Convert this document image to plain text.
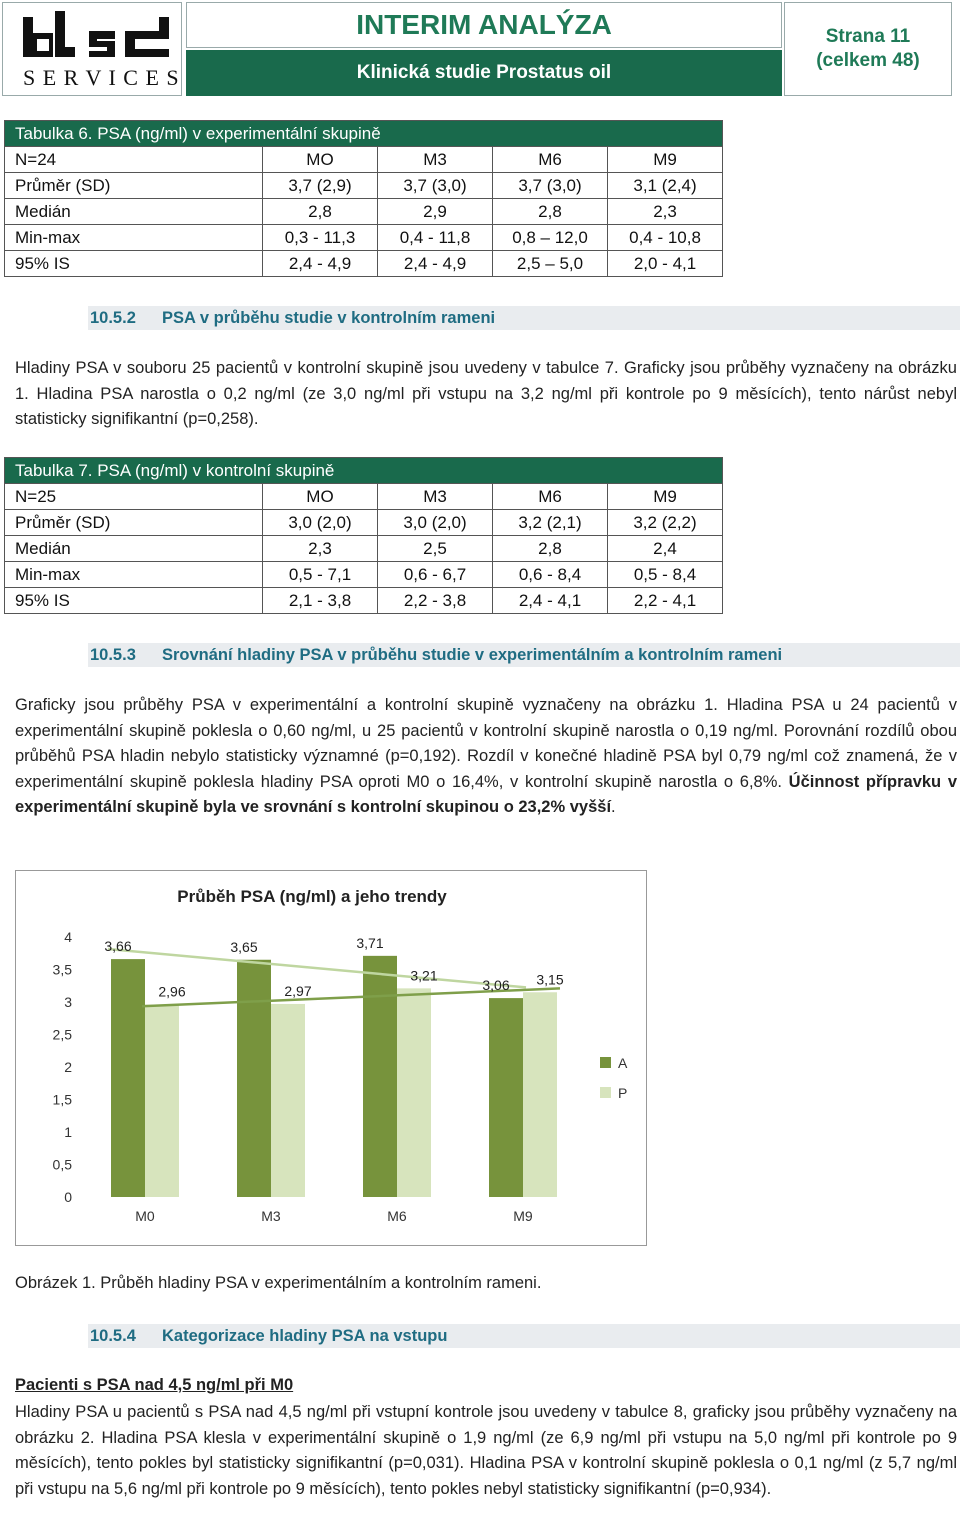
S E R V I C E S
INTERIM ANALÝZA
Klinická studie Prostatus oil
Strana 11
(celkem 48)
Tabulka 6. PSA (ng/ml) v experimentální skupině				
N=24	MO	M3	M6	M9
Průměr (SD)	3,7 (2,9)	3,7 (3,0)	3,7 (3,0)	3,1 (2,4)
Medián	2,8	2,9	2,8	2,3
Min-max	0,3 - 11,3	0,4 - 11,8	0,8 – 12,0	0,4 - 10,8
95% IS	2,4 - 4,9	2,4 - 4,9	2,5 – 5,0	2,0 - 4,1
10.5.2	PSA v průběhu studie v kontrolním rameni
Hladiny PSA v souboru 25 pacientů v kontrolní skupině jsou uvedeny v tabulce 7. Graficky jsou průběhy vyznačeny na obrázku 1. Hladina PSA narostla o 0,2 ng/ml (ze 3,0 ng/ml při vstupu na 3,2 ng/ml při kontrole po 9 měsících), tento nárůst nebyl statisticky signifikantní (p=0,258).
Tabulka 7. PSA (ng/ml) v kontrolní skupině				
N=25	MO	M3	M6	M9
Průměr (SD)	3,0 (2,0)	3,0 (2,0)	3,2 (2,1)	3,2 (2,2)
Medián	2,3	2,5	2,8	2,4
Min-max	0,5 - 7,1	0,6 - 6,7	0,6 - 8,4	0,5 - 8,4
95% IS	2,1 - 3,8	2,2 - 3,8	2,4 - 4,1	2,2 - 4,1
10.5.3	Srovnání hladiny PSA v průběhu studie v experimentálním a kontrolním rameni
Graficky jsou průběhy PSA v experimentální a kontrolní skupině vyznačeny na obrázku 1. Hladina PSA u 24 pacientů v experimentální skupině poklesla o 0,60 ng/ml, u 25 pacientů v kontrolní skupině narostla o 0,19 ng/ml. Porovnání rozdílů obou průběhů PSA hladin nebylo statisticky významné (p=0,192). Rozdíl v konečné hladině PSA byl 0,79 ng/ml což znamená, že v experimentální skupině poklesla hladiny PSA oproti M0 o 16,4%, v kontrolní skupině narostla o 6,8%. Účinnost přípravku v experimentální skupině byla ve srovnání s kontrolní skupinou o 23,2% vyšší.
Průběh PSA (ng/ml) a jeho trendy
0
0,5
1
1,5
2
2,5
3
3,5
4
3,66
2,96
3,65
2,97
3,71
3,21
3,06 3,15
M0	M3	M6	M9
A
P
Obrázek 1. Průběh hladiny PSA v experimentálním a kontrolním rameni.
10.5.4	Kategorizace hladiny PSA na vstupu
Pacienti s PSA nad 4,5 ng/ml při M0
Hladiny PSA u pacientů s PSA nad 4,5 ng/ml při vstupní kontrole jsou uvedeny v tabulce 8, graficky jsou průběhy vyznačeny na obrázku 2. Hladina PSA klesla v experimentální skupině o 1,9 ng/ml (ze 6,9 ng/ml při vstupu na 5,0 ng/ml při kontrole po 9 měsících), tento pokles byl statisticky signifikantní (p=0,031). Hladina PSA v kontrolní skupině poklesla o 0,1 ng/ml (z 5,7 ng/ml při vstupu na 5,6 ng/ml při kontrole po 9 měsících), tento pokles nebyl statisticky signifikantní (p=0,934).
